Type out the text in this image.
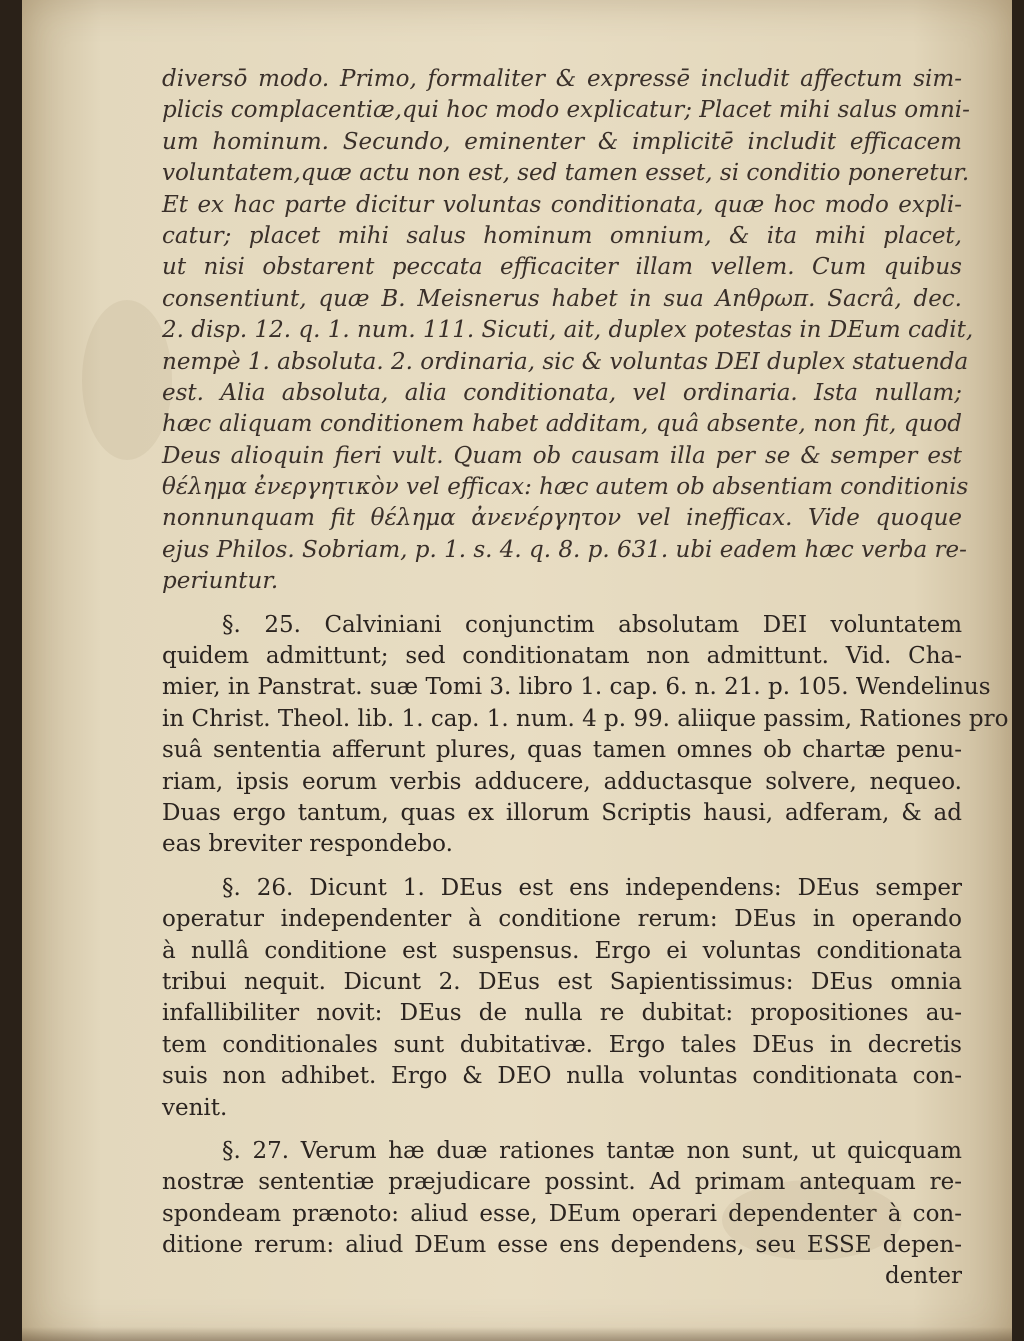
diversō modo. Primo, formaliter & expressē includit affectum sim-
plicis complacentiæ,qui hoc modo explicatur; Placet mihi salus omni-
um hominum. Secundo, eminenter & implicitē includit efficacem
voluntatem,quæ actu non est, sed tamen esset, si conditio poneretur.
Et ex hac parte dicitur voluntas conditionata, quæ hoc modo expli-
catur; placet mihi salus hominum omnium, & ita mihi placet,
ut nisi obstarent peccata efficaciter illam vellem. Cum quibus
consentiunt, quæ B. Meisnerus habet in sua Anθρωπ. Sacrâ, dec.
2. disp. 12. q. 1. num. 111. Sicuti, ait, duplex potestas in DEum cadit,
nempè 1. absoluta. 2. ordinaria, sic & voluntas DEI duplex statuenda
est. Alia absoluta, alia conditionata, vel ordinaria. Ista nullam;
hæc aliquam conditionem habet additam, quâ absente, non fit, quod
Deus alioquin fieri vult. Quam ob causam illa per se & semper est
θέλημα ἐνεργητικὸν vel efficax: hæc autem ob absentiam conditionis
nonnunquam fit θέλημα ἀνενέργητον vel inefficax. Vide quoque
ejus Philos. Sobriam, p. 1. s. 4. q. 8. p. 631. ubi eadem hæc verba re-
periuntur.
§. 25. Calviniani conjunctim absolutam DEI voluntatem
quidem admittunt; sed conditionatam non admittunt. Vid. Cha-
mier, in Panstrat. suæ Tomi 3. libro 1. cap. 6. n. 21. p. 105. Wendelinus
in Christ. Theol. lib. 1. cap. 1. num. 4 p. 99. aliique passim, Rationes pro
suâ sententia afferunt plures, quas tamen omnes ob chartæ penu-
riam, ipsis eorum verbis adducere, adductasque solvere, nequeo.
Duas ergo tantum, quas ex illorum Scriptis hausi, adferam, & ad
eas breviter respondebo.
§. 26. Dicunt 1. DEus est ens independens: DEus semper
operatur independenter à conditione rerum: DEus in operando
à nullâ conditione est suspensus. Ergo ei voluntas conditionata
tribui nequit. Dicunt 2. DEus est Sapientissimus: DEus omnia
infallibiliter novit: DEus de nulla re dubitat: propositiones au-
tem conditionales sunt dubitativæ. Ergo tales DEus in decretis
suis non adhibet. Ergo & DEO nulla voluntas conditionata con-
venit.
§. 27. Verum hæ duæ rationes tantæ non sunt, ut quicquam
nostræ sententiæ præjudicare possint. Ad primam antequam re-
spondeam prænoto: aliud esse, DEum operari dependenter à con-
ditione rerum: aliud DEum esse ens dependens, seu ESSE depen-
denter
